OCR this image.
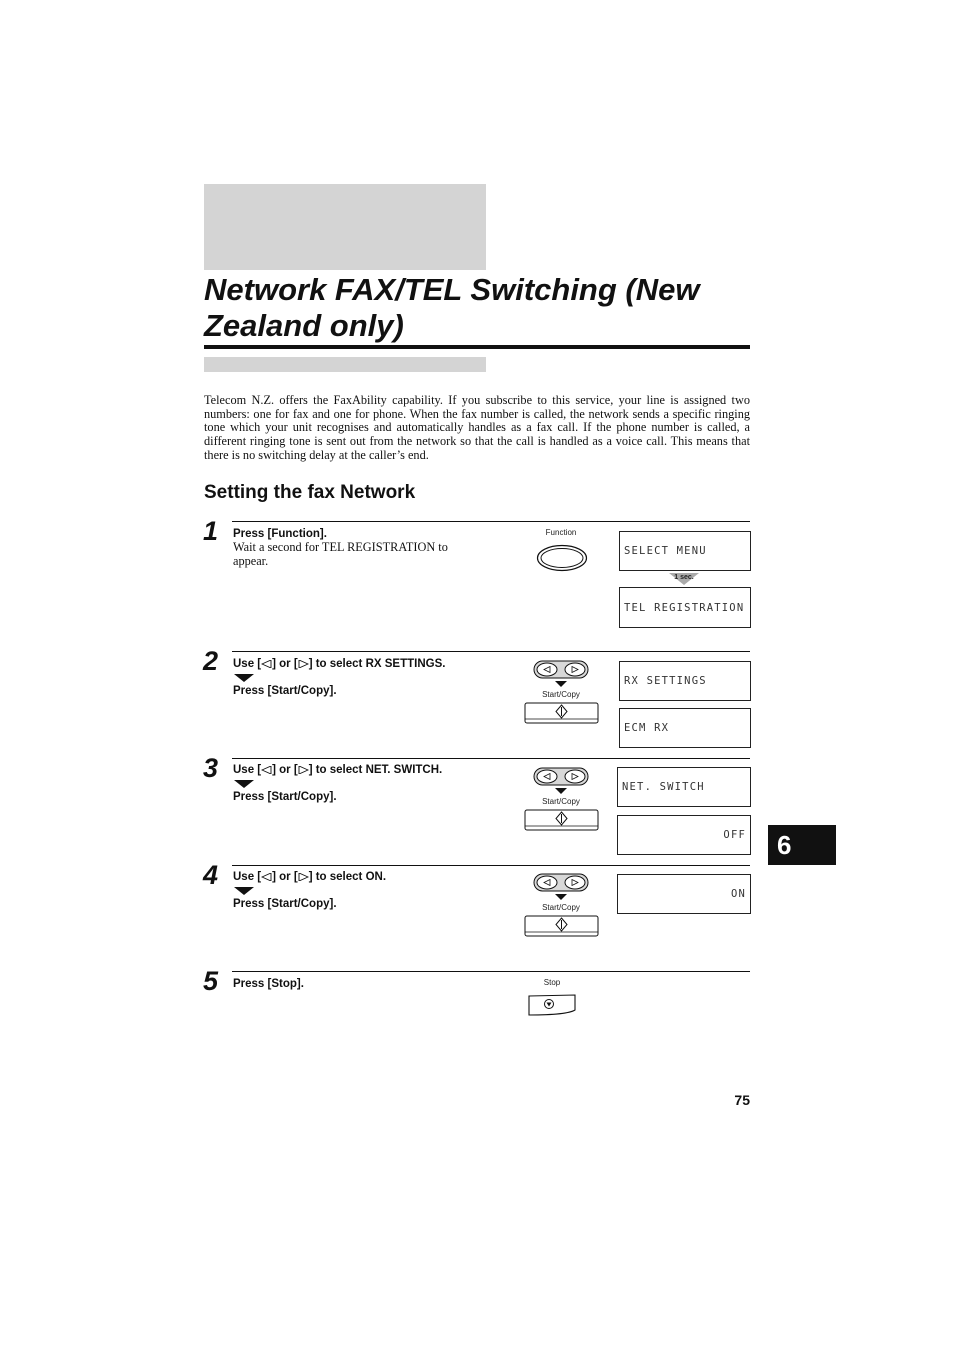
Network FAX/TEL Switching (New Zealand only)

Telecom N.Z. offers the FaxAbility capability. If you subscribe to this service, your line is assigned two numbers: one for fax and one for phone. When the fax number is called, the network sends a specific ringing tone which your unit recognises and automatically handles as a fax call. If the phone number is called, a different ringing tone is sent out from the network so that the call is handled as a voice call. This means that there is no switching delay at the caller’s end.

Setting the fax Network
1 Press [Function].
Wait a second for TEL REGISTRATION to appear.
Function
SELECT MENU
1 sec.
TEL REGISTRATION
2 Use [ ] or [ ] to select RX SETTINGS.
Press [Start/Copy].	Start/Copy
RX SETTINGS
ECM RX
3 Use [ ] or [ ] to select NET. SWITCH.
Press [Start/Copy].	Start/Copy
NET. SWITCH
OFF
4 Use [ ] or [ ] to select ON.
Press [Start/Copy].	Start/Copy
ON
5 Press [Stop].	Stop
6
75
